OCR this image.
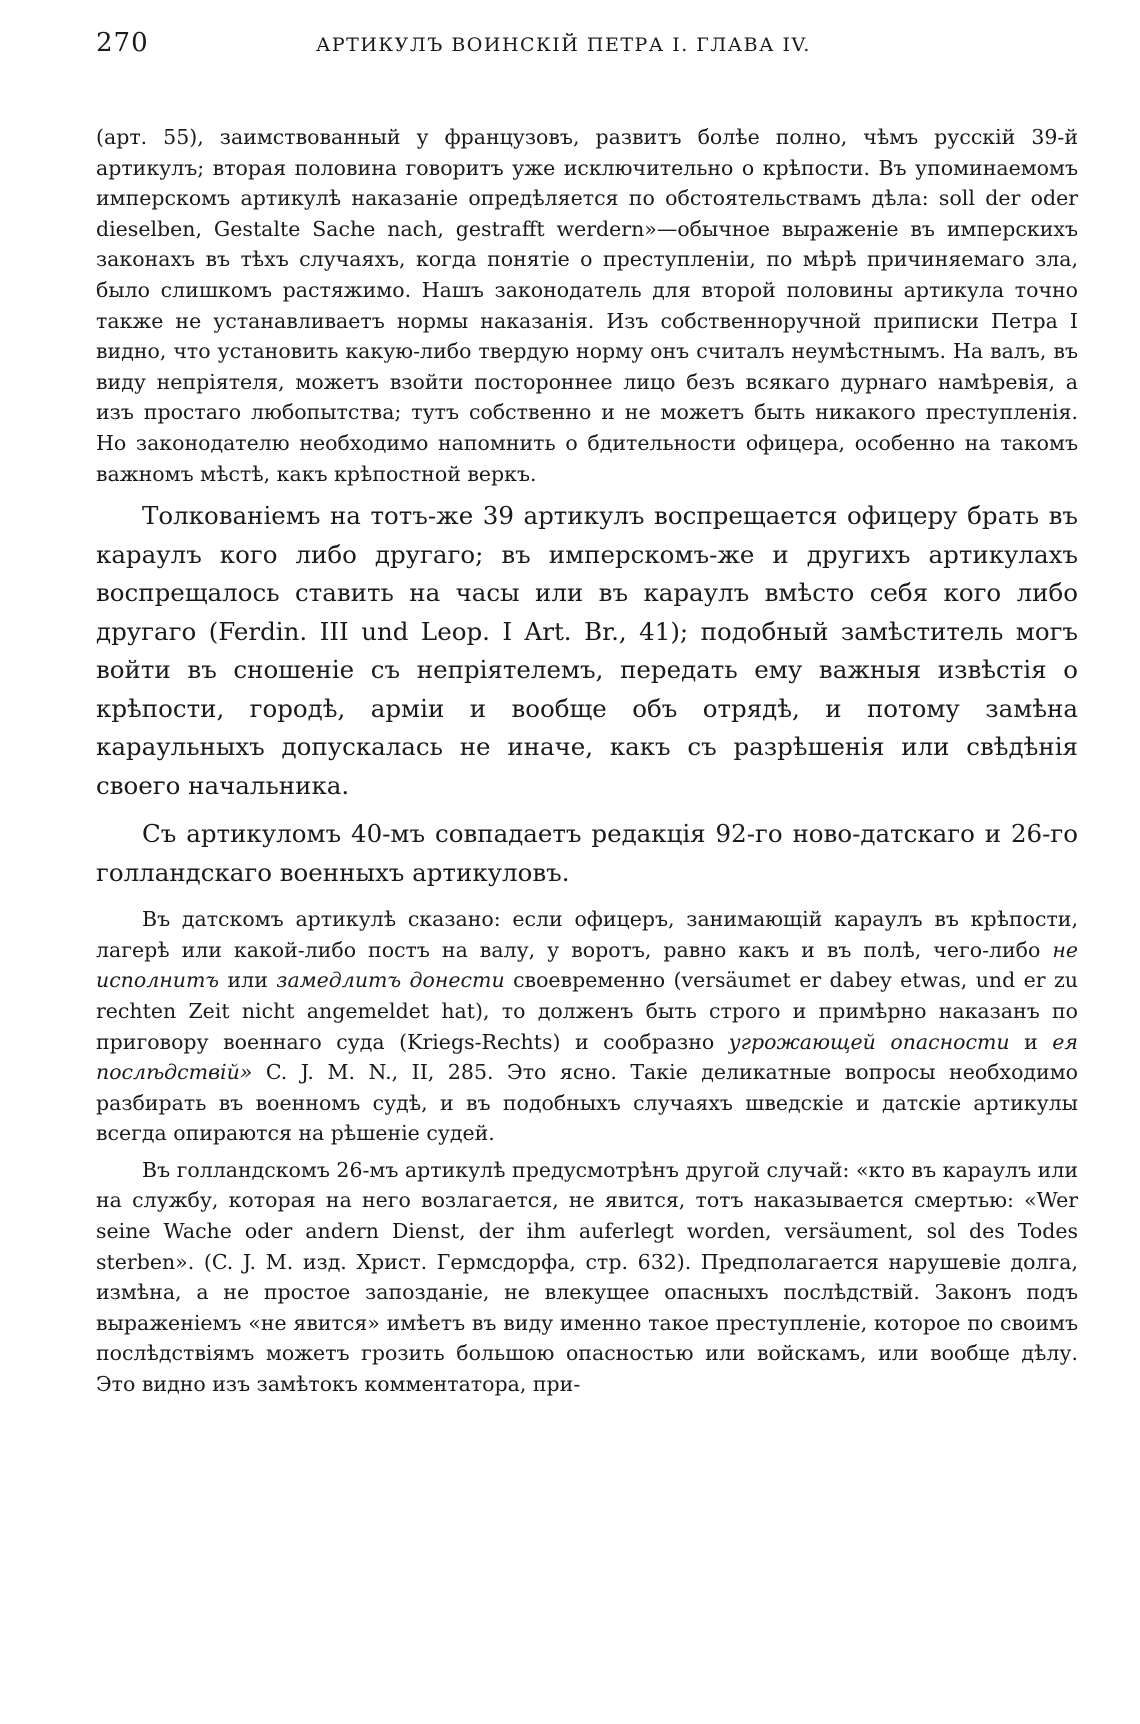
270	АРТИКУЛЪ ВОИНСКІЙ ПЕТРА I. ГЛАВА IV.

(арт. 55), заимствованный у французовъ, развитъ болѣе полно, чѣмъ русскій 39-й артикулъ; вторая половина говоритъ уже исключительно о крѣпости. Въ упоминаемомъ имперскомъ артикулѣ наказаніе опредѣляется по обстоятельствамъ дѣла: soll der oder dieselben, Gestalte Sache nach, gestrafft werdern»—обычное выраженіе въ имперскихъ законахъ въ тѣхъ случаяхъ, когда понятіе о преступленіи, по мѣрѣ причиняемаго зла, было слишкомъ растяжимо. Нашъ законодатель для второй половины артикула точно также не устанавливаетъ нормы наказанія. Изъ собственноручной приписки Петра I видно, что установить какую-либо твердую норму онъ считалъ неумѣстнымъ. На валъ, въ виду непріятеля, можетъ взойти постороннее лицо безъ всякаго дурнаго намѣревія, а изъ простаго любопытства; тутъ собственно и не можетъ быть никакого преступленія. Но законодателю необходимо напомнить о бдительности офицера, особенно на такомъ важномъ мѣстѣ, какъ крѣпостной веркъ.

Толкованіемъ на тотъ-же 39 артикулъ воспрещается офицеру брать въ караулъ кого либо другаго; въ имперскомъ-же и другихъ артикулахъ воспрещалось ставить на часы или въ караулъ вмѣсто себя кого либо другаго (Ferdin. III und Leop. I Art. Br., 41); подобный замѣститель могъ войти въ сношеніе съ непріятелемъ, передать ему важныя извѣстія о крѣпости, городѣ, арміи и вообще объ отрядѣ, и потому замѣна караульныхъ допускалась не иначе, какъ съ разрѣшенія или свѣдѣнія своего начальника.

Съ артикуломъ 40-мъ совпадаетъ редакція 92-го ново-датскаго и 26-го голландскаго военныхъ артикуловъ.

Въ датскомъ артикулѣ сказано: если офицеръ, занимающій караулъ въ крѣпости, лагерѣ или какой-либо постъ на валу, у воротъ, равно какъ и въ полѣ, чего-либо не исполнитъ или замедлитъ донести своевременно (versäumet er dabey etwas, und er zu rechten Zeit nicht angemeldet hat), то долженъ быть строго и примѣрно наказанъ по приговору военнаго суда (Kriegs-Rechts) и сообразно угрожающей опасности и ея послѣдствій» C. J. M. N., II, 285. Это ясно. Такіе деликатные вопросы необходимо разбирать въ военномъ судѣ, и въ подобныхъ случаяхъ шведскіе и датскіе артикулы всегда опираются на рѣшеніе судей.

Въ голландскомъ 26-мъ артикулѣ предусмотрѣнъ другой случай: «кто въ караулъ или на службу, которая на него возлагается, не явится, тотъ наказывается смертью: «Wer seine Wache oder andern Dienst, der ihm auferlegt worden, versäument, sol des Todes sterben». (C. J. M. изд. Христ. Гермсдорфа, стр. 632). Предполагается нарушевіе долга, измѣна, а не простое запозданіе, не влекущее опасныхъ послѣдствій. Законъ подъ выраженіемъ «не явится» имѣетъ въ виду именно такое преступленіе, которое по своимъ послѣдствіямъ можетъ грозить большою опасностью или войскамъ, или вообще дѣлу. Это видно изъ замѣтокъ комментатора, при-
